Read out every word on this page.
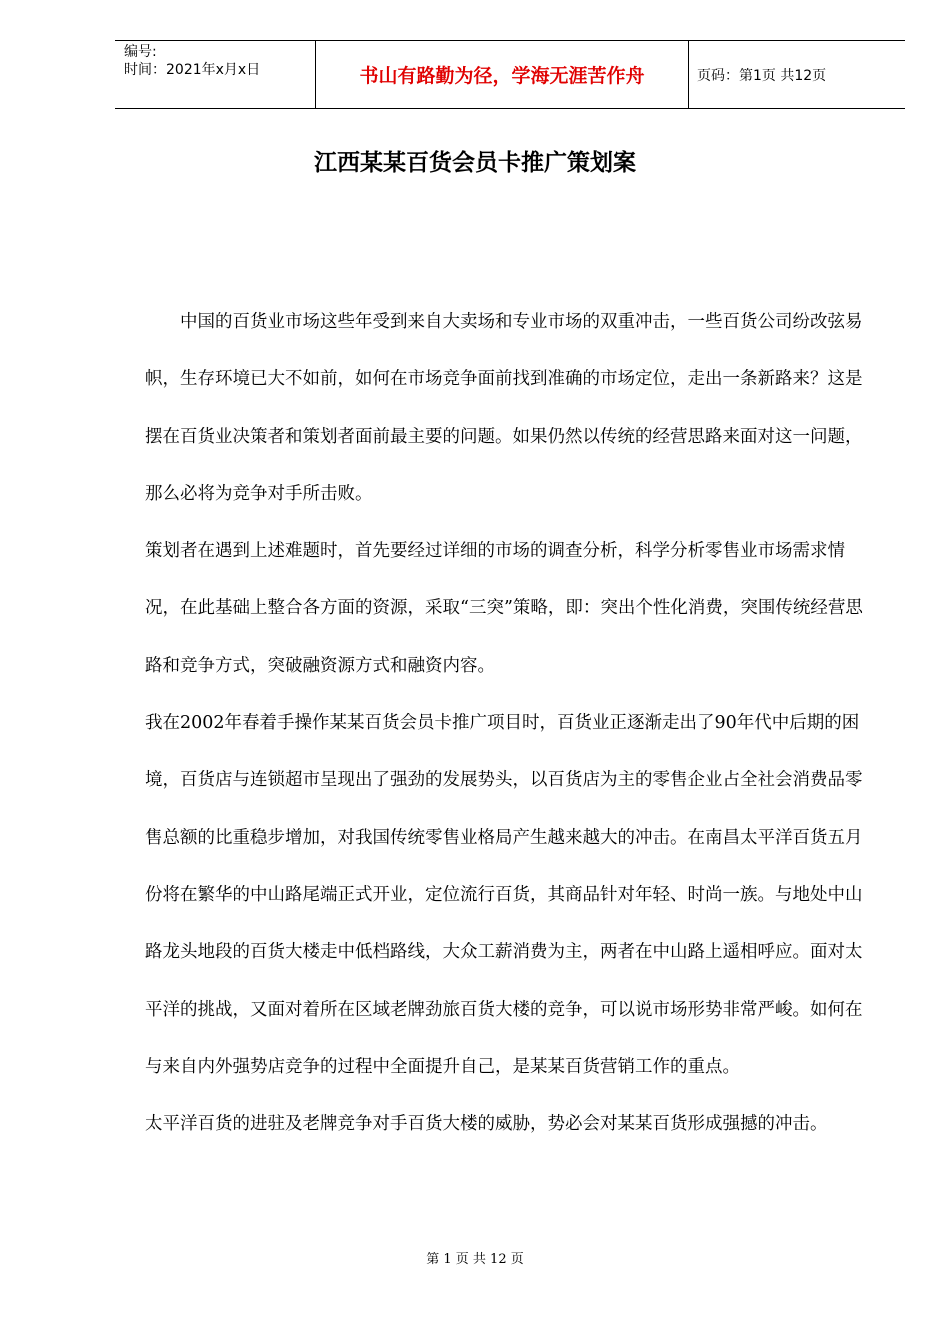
编号:
时间：2021年x月x日	书山有路勤为径，学海无涯苦作舟	页码：第1页 共12页
江西某某百货会员卡推广策划案

中国的百货业市场这些年受到来自大卖场和专业市场的双重冲击，一些百货公司纷改弦易帜，生存环境已大不如前，如何在市场竞争面前找到准确的市场定位，走出一条新路来？这是摆在百货业决策者和策划者面前最主要的问题。如果仍然以传统的经营思路来面对这一问题，那么必将为竞争对手所击败。

策划者在遇到上述难题时，首先要经过详细的市场的调查分析，科学分析零售业市场需求情况，在此基础上整合各方面的资源，采取“三突”策略，即：突出个性化消费，突围传统经营思路和竞争方式，突破融资源方式和融资内容。

我在2002年春着手操作某某百货会员卡推广项目时，百货业正逐渐走出了90年代中后期的困境，百货店与连锁超市呈现出了强劲的发展势头，以百货店为主的零售企业占全社会消费品零售总额的比重稳步增加，对我国传统零售业格局产生越来越大的冲击。在南昌太平洋百货五月份将在繁华的中山路尾端正式开业，定位流行百货，其商品针对年轻、时尚一族。与地处中山路龙头地段的百货大楼走中低档路线，大众工薪消费为主，两者在中山路上遥相呼应。面对太平洋的挑战，又面对着所在区域老牌劲旅百货大楼的竞争，可以说市场形势非常严峻。如何在与来自内外强势店竞争的过程中全面提升自己，是某某百货营销工作的重点。

太平洋百货的进驻及老牌竞争对手百货大楼的威胁，势必会对某某百货形成强撼的冲击。

第 1 页 共 12 页
